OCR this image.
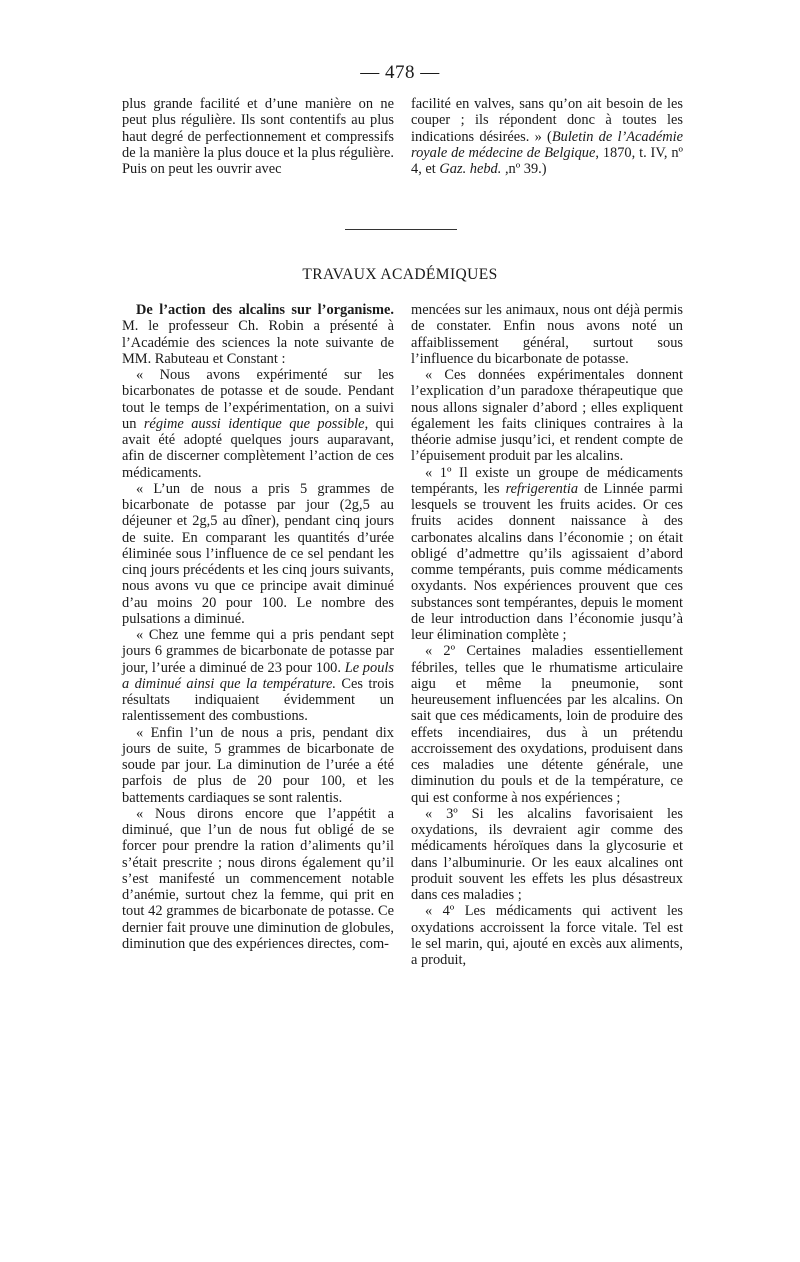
— 478 —

plus grande facilité et d’une manière on ne peut plus régulière. Ils sont contentifs au plus haut degré de perfectionnement et compressifs de la manière la plus douce et la plus régulière. Puis on peut les ouvrir avec

facilité en valves, sans qu’on ait besoin de les couper ; ils répondent donc à toutes les indications désirées. » (Buletin de l’Académie royale de médecine de Belgique, 1870, t. IV, nº 4, et Gaz. hebd. ,nº 39.)

TRAVAUX ACADÉMIQUES

De l’action des alcalins sur l’organisme. M. le professeur Ch. Robin a présenté à l’Académie des sciences la note suivante de MM. Rabuteau et Constant :

« Nous avons expérimenté sur les bicarbonates de potasse et de soude. Pendant tout le temps de l’expérimentation, on a suivi un régime aussi identique que possible, qui avait été adopté quelques jours auparavant, afin de discerner complètement l’action de ces médicaments.

« L’un de nous a pris 5 grammes de bicarbonate de potasse par jour (2g,5 au déjeuner et 2g,5 au dîner), pendant cinq jours de suite. En comparant les quantités d’urée éliminée sous l’influence de ce sel pendant les cinq jours précédents et les cinq jours suivants, nous avons vu que ce principe avait diminué d’au moins 20 pour 100. Le nombre des pulsations a diminué.

« Chez une femme qui a pris pendant sept jours 6 grammes de bicarbonate de potasse par jour, l’urée a diminué de 23 pour 100. Le pouls a diminué ainsi que la température. Ces trois résultats indiquaient évidemment un ralentissement des combustions.

« Enfin l’un de nous a pris, pendant dix jours de suite, 5 grammes de bicarbonate de soude par jour. La diminution de l’urée a été parfois de plus de 20 pour 100, et les battements cardiaques se sont ralentis.

« Nous dirons encore que l’appétit a diminué, que l’un de nous fut obligé de se forcer pour prendre la ration d’aliments qu’il s’était prescrite ; nous dirons également qu’il s’est manifesté un commencement notable d’anémie, surtout chez la femme, qui prit en tout 42 grammes de bicarbonate de potasse. Ce dernier fait prouve une diminution de globules, diminution que des expériences directes, com-

mencées sur les animaux, nous ont déjà permis de constater. Enfin nous avons noté un affaiblissement général, surtout sous l’influence du bicarbonate de potasse.

« Ces données expérimentales donnent l’explication d’un paradoxe thérapeutique que nous allons signaler d’abord ; elles expliquent également les faits cliniques contraires à la théorie admise jusqu’ici, et rendent compte de l’épuisement produit par les alcalins.

« 1º Il existe un groupe de médicaments tempérants, les refrigerentia de Linnée parmi lesquels se trouvent les fruits acides. Or ces fruits acides donnent naissance à des carbonates alcalins dans l’économie ; on était obligé d’admettre qu’ils agissaient d’abord comme tempérants, puis comme médicaments oxydants. Nos expériences prouvent que ces substances sont tempérantes, depuis le moment de leur introduction dans l’économie jusqu’à leur élimination complète ;

« 2º Certaines maladies essentiellement fébriles, telles que le rhumatisme articulaire aigu et même la pneumonie, sont heureusement influencées par les alcalins. On sait que ces médicaments, loin de produire des effets incendiaires, dus à un prétendu accroissement des oxydations, produisent dans ces maladies une détente générale, une diminution du pouls et de la température, ce qui est conforme à nos expériences ;

« 3º Si les alcalins favorisaient les oxydations, ils devraient agir comme des médicaments héroïques dans la glycosurie et dans l’albuminurie. Or les eaux alcalines ont produit souvent les effets les plus désastreux dans ces maladies ;

« 4º Les médicaments qui activent les oxydations accroissent la force vitale. Tel est le sel marin, qui, ajouté en excès aux aliments, a produit,
